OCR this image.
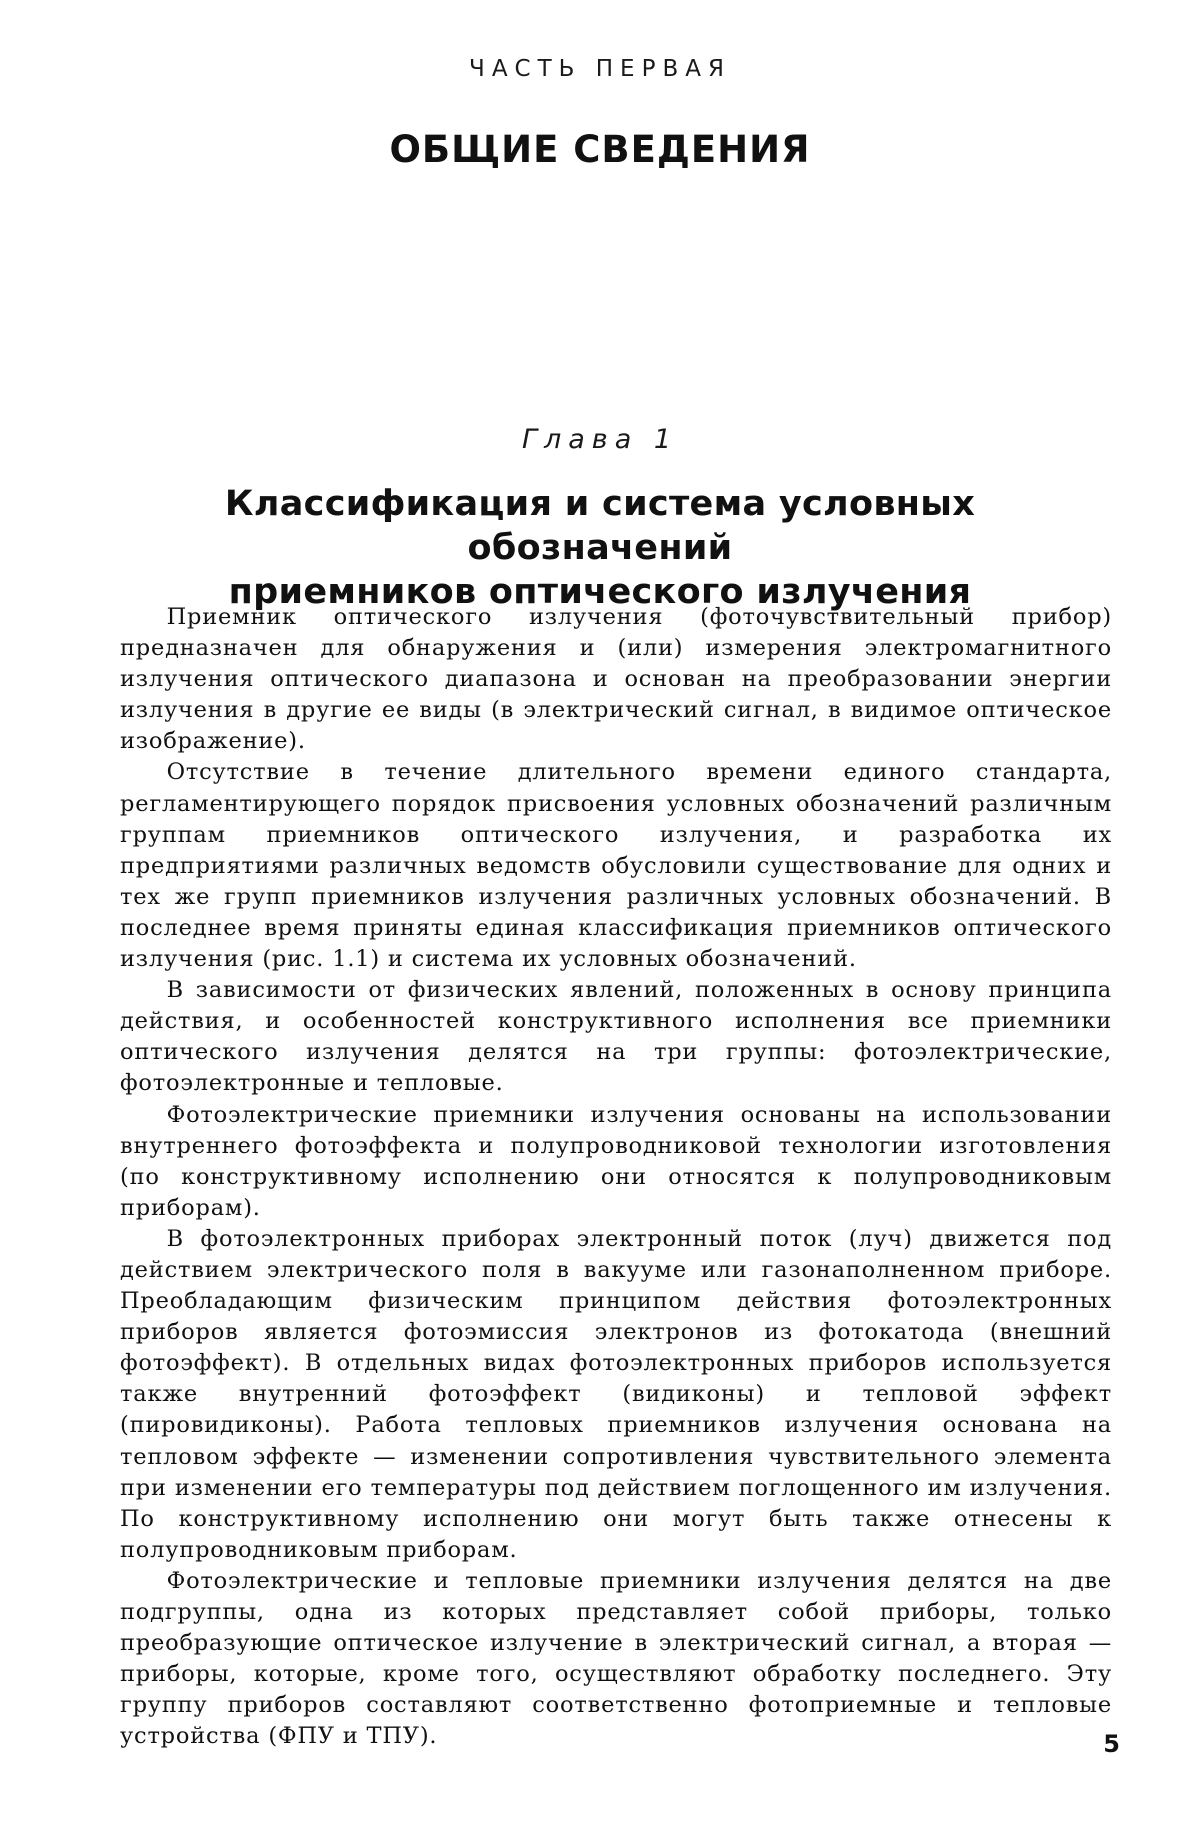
ЧАСТЬ ПЕРВАЯ
ОБЩИЕ СВЕДЕНИЯ
Глава 1
Классификация и система условных обозначений
приемников оптического излучения

  Приемник оптического излучения (фоточувствительный прибор) предназначен для обнаружения и (или) измерения электромагнитного излучения оптического диапазона и основан на преобразовании энергии излучения в другие ее виды (в электрический сигнал, в видимое оптическое изображение).

  Отсутствие в течение длительного времени единого стандарта, регламентирующего порядок присвоения условных обозначений различным группам приемников оптического излучения, и разработка их предприятиями различных ведомств обусловили существование для одних и тех же групп приемников излучения различных условных обозначений. В последнее время приняты единая классификация приемников оптического излучения (рис. 1.1) и система их условных обозначений.

  В зависимости от физических явлений, положенных в основу принципа действия, и особенностей конструктивного исполнения все приемники оптического излучения делятся на три группы: фотоэлектрические, фотоэлектронные и тепловые.

  Фотоэлектрические приемники излучения основаны на использовании внутреннего фотоэффекта и полупроводниковой технологии изготовления (по конструктивному исполнению они относятся к полупроводниковым приборам).

  В фотоэлектронных приборах электронный поток (луч) движется под действием электрического поля в вакууме или газонаполненном приборе. Преобладающим физическим принципом действия фотоэлектронных приборов является фотоэмиссия электронов из фотокатода (внешний фотоэффект). В отдельных видах фотоэлектронных приборов используется также внутренний фотоэффект (видиконы) и тепловой эффект (пировидиконы). Работа тепловых приемников излучения основана на тепловом эффекте — изменении сопротивления чувствительного элемента при изменении его температуры под действием поглощенного им излучения. По конструктивному исполнению они могут быть также отнесены к полупроводниковым приборам.

  Фотоэлектрические и тепловые приемники излучения делятся на две подгруппы, одна из которых представляет собой приборы, только преобразующие оптическое излучение в электрический сигнал, а вторая — приборы, которые, кроме того, осуществляют обработку последнего. Эту группу приборов составляют соответственно фотоприемные и тепловые устройства (ФПУ и ТПУ).	5
